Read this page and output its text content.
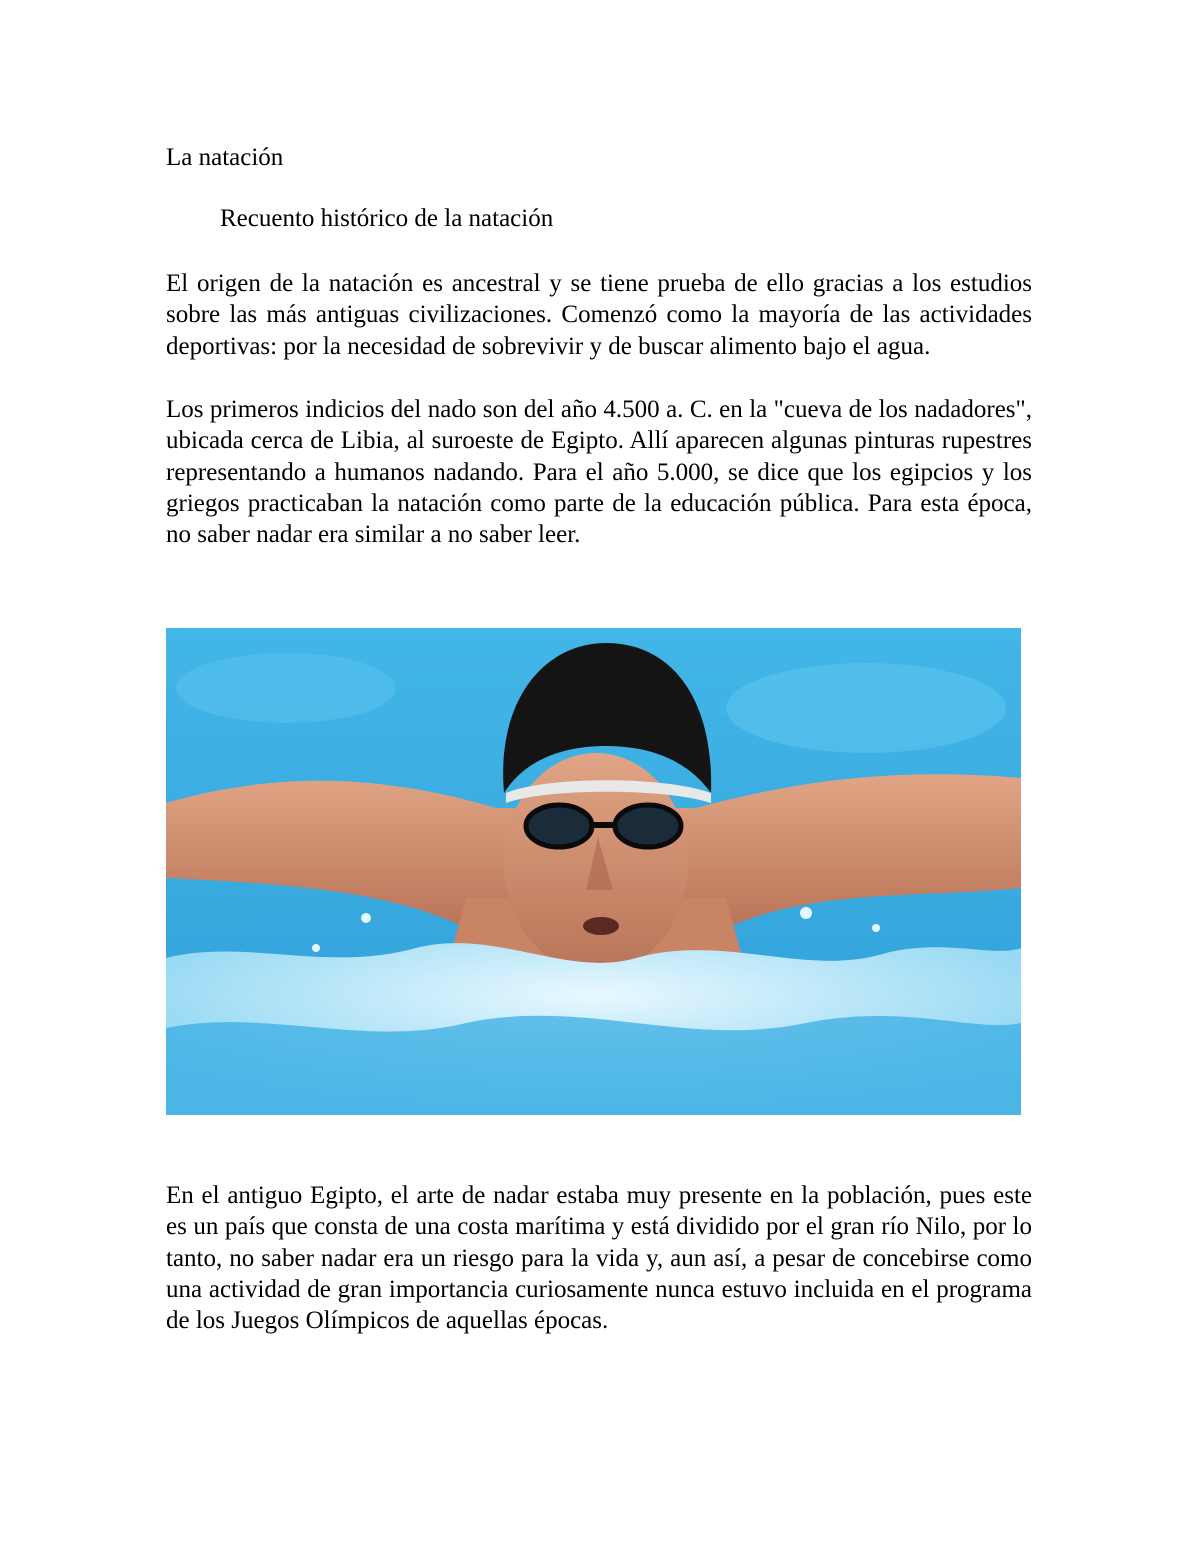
La natación
Recuento histórico de la natación

El origen de la natación es ancestral y se tiene prueba de ello gracias a los estudios sobre las más antiguas civilizaciones. Comenzó como la mayoría de las actividades deportivas: por la necesidad de sobrevivir y de buscar alimento bajo el agua.

Los primeros indicios del nado son del año 4.500 a. C. en la "cueva de los nadadores", ubicada cerca de Libia, al suroeste de Egipto. Allí aparecen algunas pinturas rupestres representando a humanos nadando. Para el año 5.000, se dice que los egipcios y los griegos practicaban la natación como parte de la educación pública. Para esta época, no saber nadar era similar a no saber leer.

En el antiguo Egipto, el arte de nadar estaba muy presente en la población, pues este es un país que consta de una costa marítima y está dividido por el gran río Nilo, por lo tanto, no saber nadar era un riesgo para la vida y, aun así, a pesar de concebirse como una actividad de gran importancia curiosamente nunca estuvo incluida en el programa de los Juegos Olímpicos de aquellas épocas.
